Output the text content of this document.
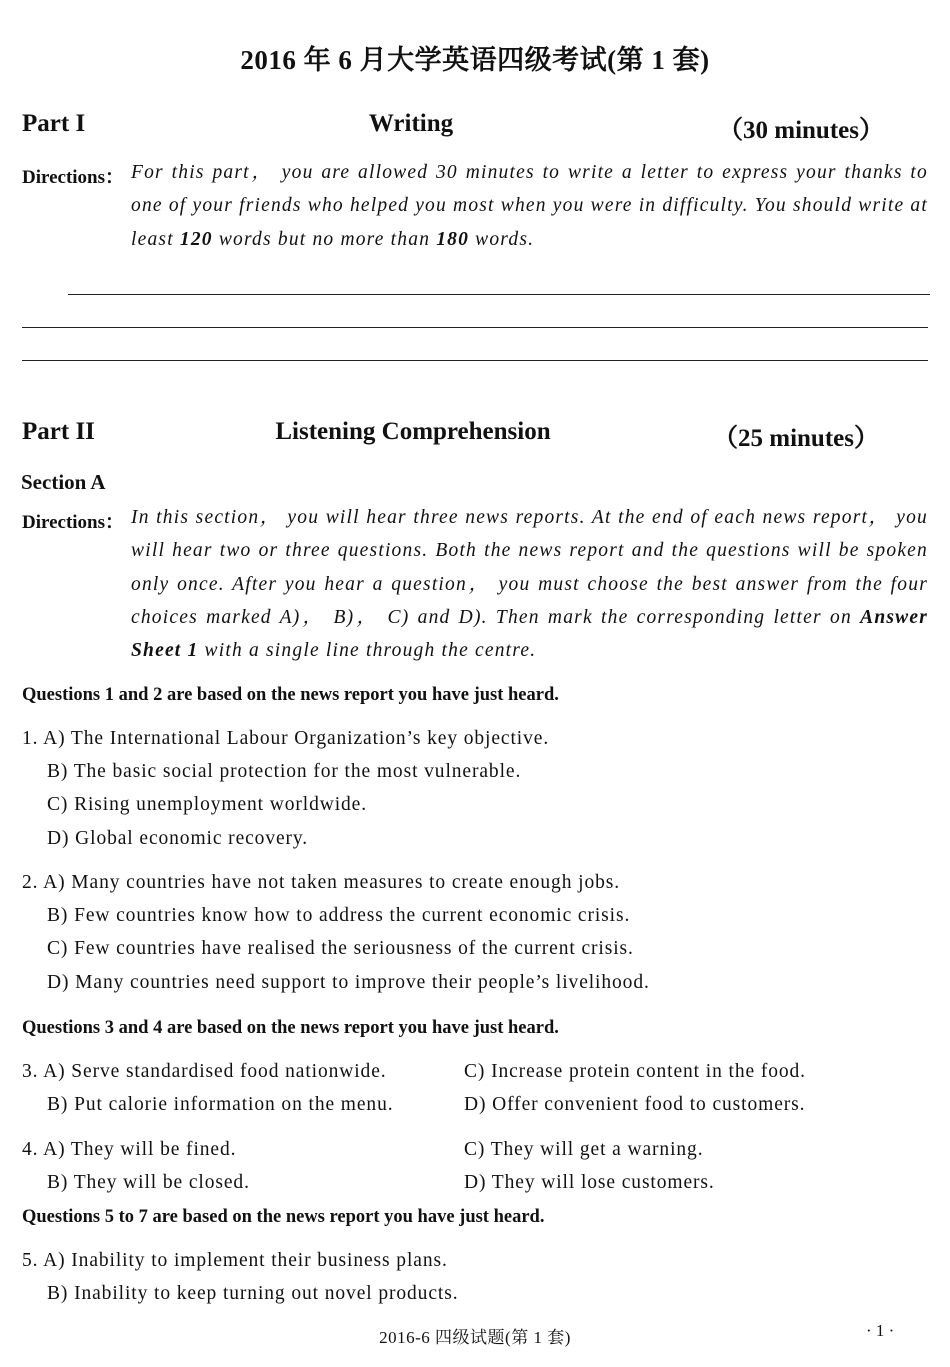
2016 年 6 月大学英语四级考试(第 1 套)
Part I	Writing	（30 minutes）
Directions： For this part， you are allowed 30 minutes to write a letter to express your thanks to one of your friends who helped you most when you were in difficulty. You should write at least 120 words but no more than 180 words.
Part II	Listening Comprehension	（25 minutes）
Section A
Directions： In this section， you will hear three news reports. At the end of each news report， you will hear two or three questions. Both the news report and the questions will be spoken only once. After you hear a question， you must choose the best answer from the four choices marked A)， B)， C) and D). Then mark the corresponding letter on Answer Sheet 1 with a single line through the centre.
Questions 1 and 2 are based on the news report you have just heard.
1. A) The International Labour Organization’s key objective.
B) The basic social protection for the most vulnerable.
C) Rising unemployment worldwide.
D) Global economic recovery.
2. A) Many countries have not taken measures to create enough jobs.
B) Few countries know how to address the current economic crisis.
C) Few countries have realised the seriousness of the current crisis.
D) Many countries need support to improve their people’s livelihood.
Questions 3 and 4 are based on the news report you have just heard.
3. A) Serve standardised food nationwide.
B) Put calorie information on the menu.
C) Increase protein content in the food.
D) Offer convenient food to customers.
4. A) They will be fined.
B) They will be closed.
C) They will get a warning.
D) They will lose customers.
Questions 5 to 7 are based on the news report you have just heard.
5. A) Inability to implement their business plans.
B) Inability to keep turning out novel products.
2016-6 四级试题(第 1 套)	· 1 ·
